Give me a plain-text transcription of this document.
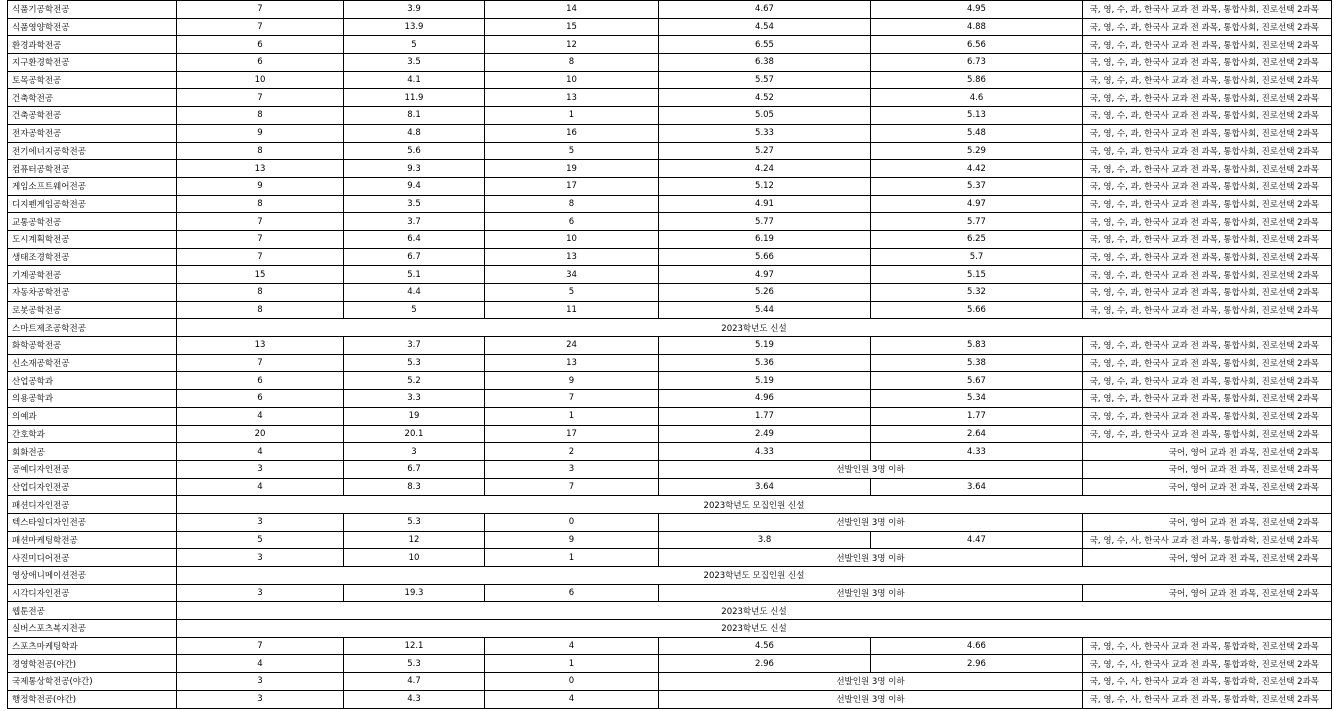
식품기공학전공	7	3.9	14	4.67	4.95	국, 영, 수, 과, 한국사 교과 전 과목, 통합사회, 진로선택 2과목
식품영양학전공	7	13.9	15	4.54	4.88	국, 영, 수, 과, 한국사 교과 전 과목, 통합사회, 진로선택 2과목
환경과학전공	6	5	12	6.55	6.56	국, 영, 수, 과, 한국사 교과 전 과목, 통합사회, 진로선택 2과목
지구환경학전공	6	3.5	8	6.38	6.73	국, 영, 수, 과, 한국사 교과 전 과목, 통합사회, 진로선택 2과목
토목공학전공	10	4.1	10	5.57	5.86	국, 영, 수, 과, 한국사 교과 전 과목, 통합사회, 진로선택 2과목
건축학전공	7	11.9	13	4.52	4.6	국, 영, 수, 과, 한국사 교과 전 과목, 통합사회, 진로선택 2과목
건축공학전공	8	8.1	1	5.05	5.13	국, 영, 수, 과, 한국사 교과 전 과목, 통합사회, 진로선택 2과목
전자공학전공	9	4.8	16	5.33	5.48	국, 영, 수, 과, 한국사 교과 전 과목, 통합사회, 진로선택 2과목
전기에너지공학전공	8	5.6	5	5.27	5.29	국, 영, 수, 과, 한국사 교과 전 과목, 통합사회, 진로선택 2과목
컴퓨터공학전공	13	9.3	19	4.24	4.42	국, 영, 수, 과, 한국사 교과 전 과목, 통합사회, 진로선택 2과목
게임소프트웨어전공	9	9.4	17	5.12	5.37	국, 영, 수, 과, 한국사 교과 전 과목, 통합사회, 진로선택 2과목
디지펜게임공학전공	8	3.5	8	4.91	4.97	국, 영, 수, 과, 한국사 교과 전 과목, 통합사회, 진로선택 2과목
교통공학전공	7	3.7	6	5.77	5.77	국, 영, 수, 과, 한국사 교과 전 과목, 통합사회, 진로선택 2과목
도시계획학전공	7	6.4	10	6.19	6.25	국, 영, 수, 과, 한국사 교과 전 과목, 통합사회, 진로선택 2과목
생태조경학전공	7	6.7	13	5.66	5.7	국, 영, 수, 과, 한국사 교과 전 과목, 통합사회, 진로선택 2과목
기계공학전공	15	5.1	34	4.97	5.15	국, 영, 수, 과, 한국사 교과 전 과목, 통합사회, 진로선택 2과목
자동차공학전공	8	4.4	5	5.26	5.32	국, 영, 수, 과, 한국사 교과 전 과목, 통합사회, 진로선택 2과목
로봇공학전공	8	5	11	5.44	5.66	국, 영, 수, 과, 한국사 교과 전 과목, 통합사회, 진로선택 2과목
스마트제조공학전공	2023학년도 신설					
화학공학전공	13	3.7	24	5.19	5.83	국, 영, 수, 과, 한국사 교과 전 과목, 통합사회, 진로선택 2과목
신소재공학전공	7	5.3	13	5.36	5.38	국, 영, 수, 과, 한국사 교과 전 과목, 통합사회, 진로선택 2과목
산업공학과	6	5.2	9	5.19	5.67	국, 영, 수, 과, 한국사 교과 전 과목, 통합사회, 진로선택 2과목
의용공학과	6	3.3	7	4.96	5.34	국, 영, 수, 과, 한국사 교과 전 과목, 통합사회, 진로선택 2과목
의예과	4	19	1	1.77	1.77	국, 영, 수, 과, 한국사 교과 전 과목, 통합사회, 진로선택 2과목
간호학과	20	20.1	17	2.49	2.64	국, 영, 수, 과, 한국사 교과 전 과목, 통합사회, 진로선택 2과목
회화전공	4	3	2	4.33	4.33	국어, 영어 교과 전 과목, 진로선택 2과목
공예디자인전공	3	6.7	3	선발인원 3명 이하		국어, 영어 교과 전 과목, 진로선택 2과목
산업디자인전공	4	8.3	7	3.64	3.64	국어, 영어 교과 전 과목, 진로선택 2과목
패션디자인전공	2023학년도 모집인원 신설					
텍스타일디자인전공	3	5.3	0	선발인원 3명 이하		국어, 영어 교과 전 과목, 진로선택 2과목
패션마케팅학전공	5	12	9	3.8	4.47	국, 영, 수, 사, 한국사 교과 전 과목, 통합과학, 진로선택 2과목
사진미디어전공	3	10	1	선발인원 3명 이하		국어, 영어 교과 전 과목, 진로선택 2과목
영상애니메이션전공	2023학년도 모집인원 신설					
시각디자인전공	3	19.3	6	선발인원 3명 이하		국어, 영어 교과 전 과목, 진로선택 2과목
웹툰전공	2023학년도 신설					
실버스포츠복지전공	2023학년도 신설					
스포츠마케팅학과	7	12.1	4	4.56	4.66	국, 영, 수, 사, 한국사 교과 전 과목, 통합과학, 진로선택 2과목
경영학전공(야간)	4	5.3	1	2.96	2.96	국, 영, 수, 사, 한국사 교과 전 과목, 통합과학, 진로선택 2과목
국제통상학전공(야간)	3	4.7	0	선발인원 3명 이하		국, 영, 수, 사, 한국사 교과 전 과목, 통합과학, 진로선택 2과목
행정학전공(야간)	3	4.3	4	선발인원 3명 이하		국, 영, 수, 사, 한국사 교과 전 과목, 통합과학, 진로선택 2과목
